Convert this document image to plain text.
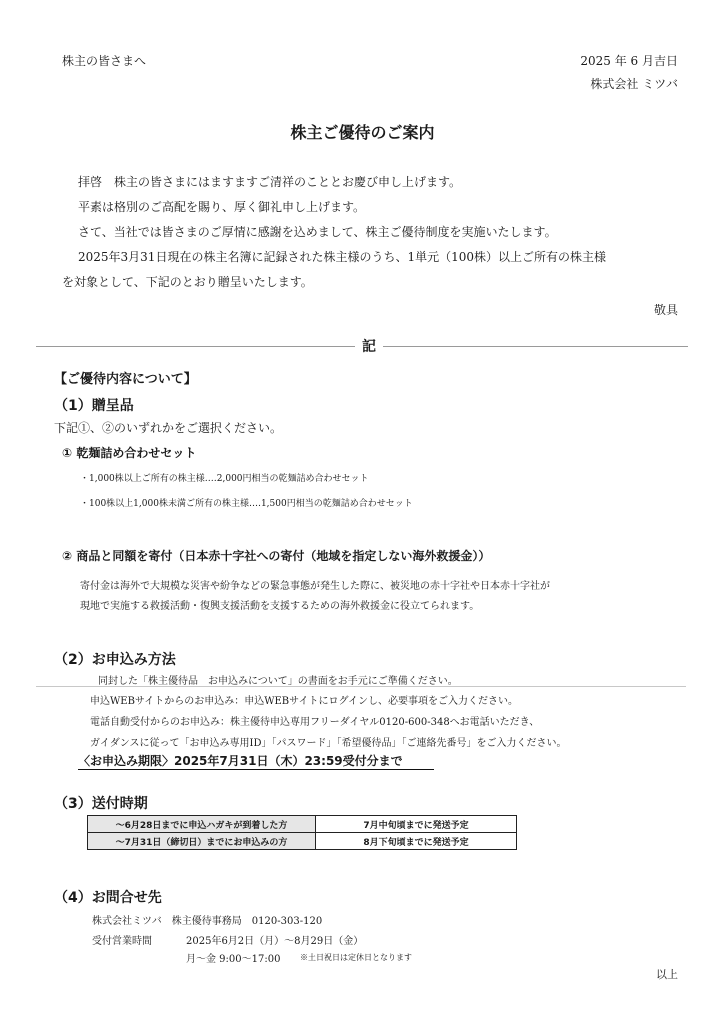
株主の皆さまへ	2025 年 6 月吉日
株式会社 ミツバ
株主ご優待のご案内
拝啓　株主の皆さまにはますますご清祥のこととお慶び申し上げます。
平素は格別のご高配を賜り、厚く御礼申し上げます。
さて、当社では皆さまのご厚情に感謝を込めまして、株主ご優待制度を実施いたします。
2025年3月31日現在の株主名簿に記録された株主様のうち、1単元（100株）以上ご所有の株主様
を対象として、下記のとおり贈呈いたします。
敬具
記
【ご優待内容について】
（1）贈呈品
下記①、②のいずれかをご選択ください。
① 乾麺詰め合わせセット
・1,000株以上ご所有の株主様‥‥2,000円相当の乾麺詰め合わせセット
・100株以上1,000株未満ご所有の株主様‥‥1,500円相当の乾麺詰め合わせセット
② 商品と同額を寄付（日本赤十字社への寄付（地域を指定しない海外救援金））
寄付金は海外で大規模な災害や紛争などの緊急事態が発生した際に、被災地の赤十字社や日本赤十字社が
現地で実施する救援活動・復興支援活動を支援するための海外救援金に役立てられます。
（2）お申込み方法
同封した「株主優待品　お申込みについて」の書面をお手元にご準備ください。
申込WEBサイトからのお申込み：申込WEBサイトにログインし、必要事項をご入力ください。
電話自動受付からのお申込み：株主優待申込専用フリーダイヤル0120-600-348へお電話いただき、
ガイダンスに従って「お申込み専用ID」「パスワード」「希望優待品」「ご連絡先番号」をご入力ください。
〈お申込み期限〉2025年7月31日（木）23:59受付分まで
（3）送付時期
～6月28日までに申込ハガキが到着した方	7月中旬頃までに発送予定
～7月31日（締切日）までにお申込みの方	8月下旬頃までに発送予定
（4）お問合せ先
株式会社ミツバ　株主優待事務局　0120-303-120
受付営業時間	2025年6月2日（月）～8月29日（金）
月～金 9:00～17:00 ※土日祝日は定休日となります
以上
